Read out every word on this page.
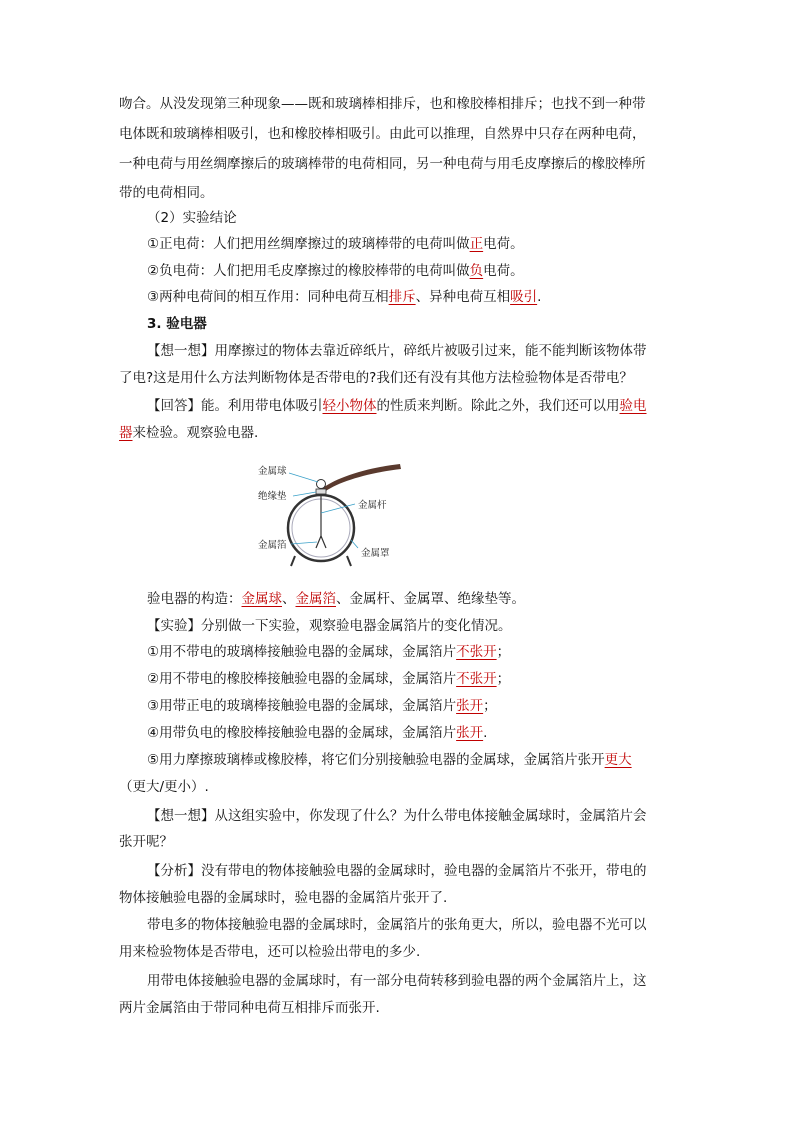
吻合。从没发现第三种现象——既和玻璃棒相排斥，也和橡胶棒相排斥；也找不到一种带
电体既和玻璃棒相吸引，也和橡胶棒相吸引。由此可以推理，自然界中只存在两种电荷，
一种电荷与用丝绸摩擦后的玻璃棒带的电荷相同，另一种电荷与用毛皮摩擦后的橡胶棒所
带的电荷相同。
（2）实验结论
①正电荷：人们把用丝绸摩擦过的玻璃棒带的电荷叫做正电荷。
②负电荷：人们把用毛皮摩擦过的橡胶棒带的电荷叫做负电荷。
③两种电荷间的相互作用：同种电荷互相排斥、异种电荷互相吸引.
3. 验电器
【想一想】用摩擦过的物体去靠近碎纸片，碎纸片被吸引过来，能不能判断该物体带
了电?这是用什么方法判断物体是否带电的?我们还有没有其他方法检验物体是否带电？
【回答】能。利用带电体吸引轻小物体的性质来判断。除此之外，我们还可以用验电
器来检验。观察验电器.
金属球
绝缘垫
金属杆
金属箔
金属罩
验电器的构造：金属球、金属箔、金属杆、金属罩、绝缘垫等。
【实验】分别做一下实验，观察验电器金属箔片的变化情况。
①用不带电的玻璃棒接触验电器的金属球，金属箔片不张开；
②用不带电的橡胶棒接触验电器的金属球，金属箔片不张开；
③用带正电的玻璃棒接触验电器的金属球，金属箔片张开；
④用带负电的橡胶棒接触验电器的金属球，金属箔片张开.
⑤用力摩擦玻璃棒或橡胶棒，将它们分别接触验电器的金属球，金属箔片张开更大
（更大/更小）.
【想一想】从这组实验中，你发现了什么？为什么带电体接触金属球时，金属箔片会
张开呢？
【分析】没有带电的物体接触验电器的金属球时，验电器的金属箔片不张开，带电的
物体接触验电器的金属球时，验电器的金属箔片张开了.
带电多的物体接触验电器的金属球时，金属箔片的张角更大，所以，验电器不光可以
用来检验物体是否带电，还可以检验出带电的多少.
用带电体接触验电器的金属球时，有一部分电荷转移到验电器的两个金属箔片上，这
两片金属箔由于带同种电荷互相排斥而张开.
